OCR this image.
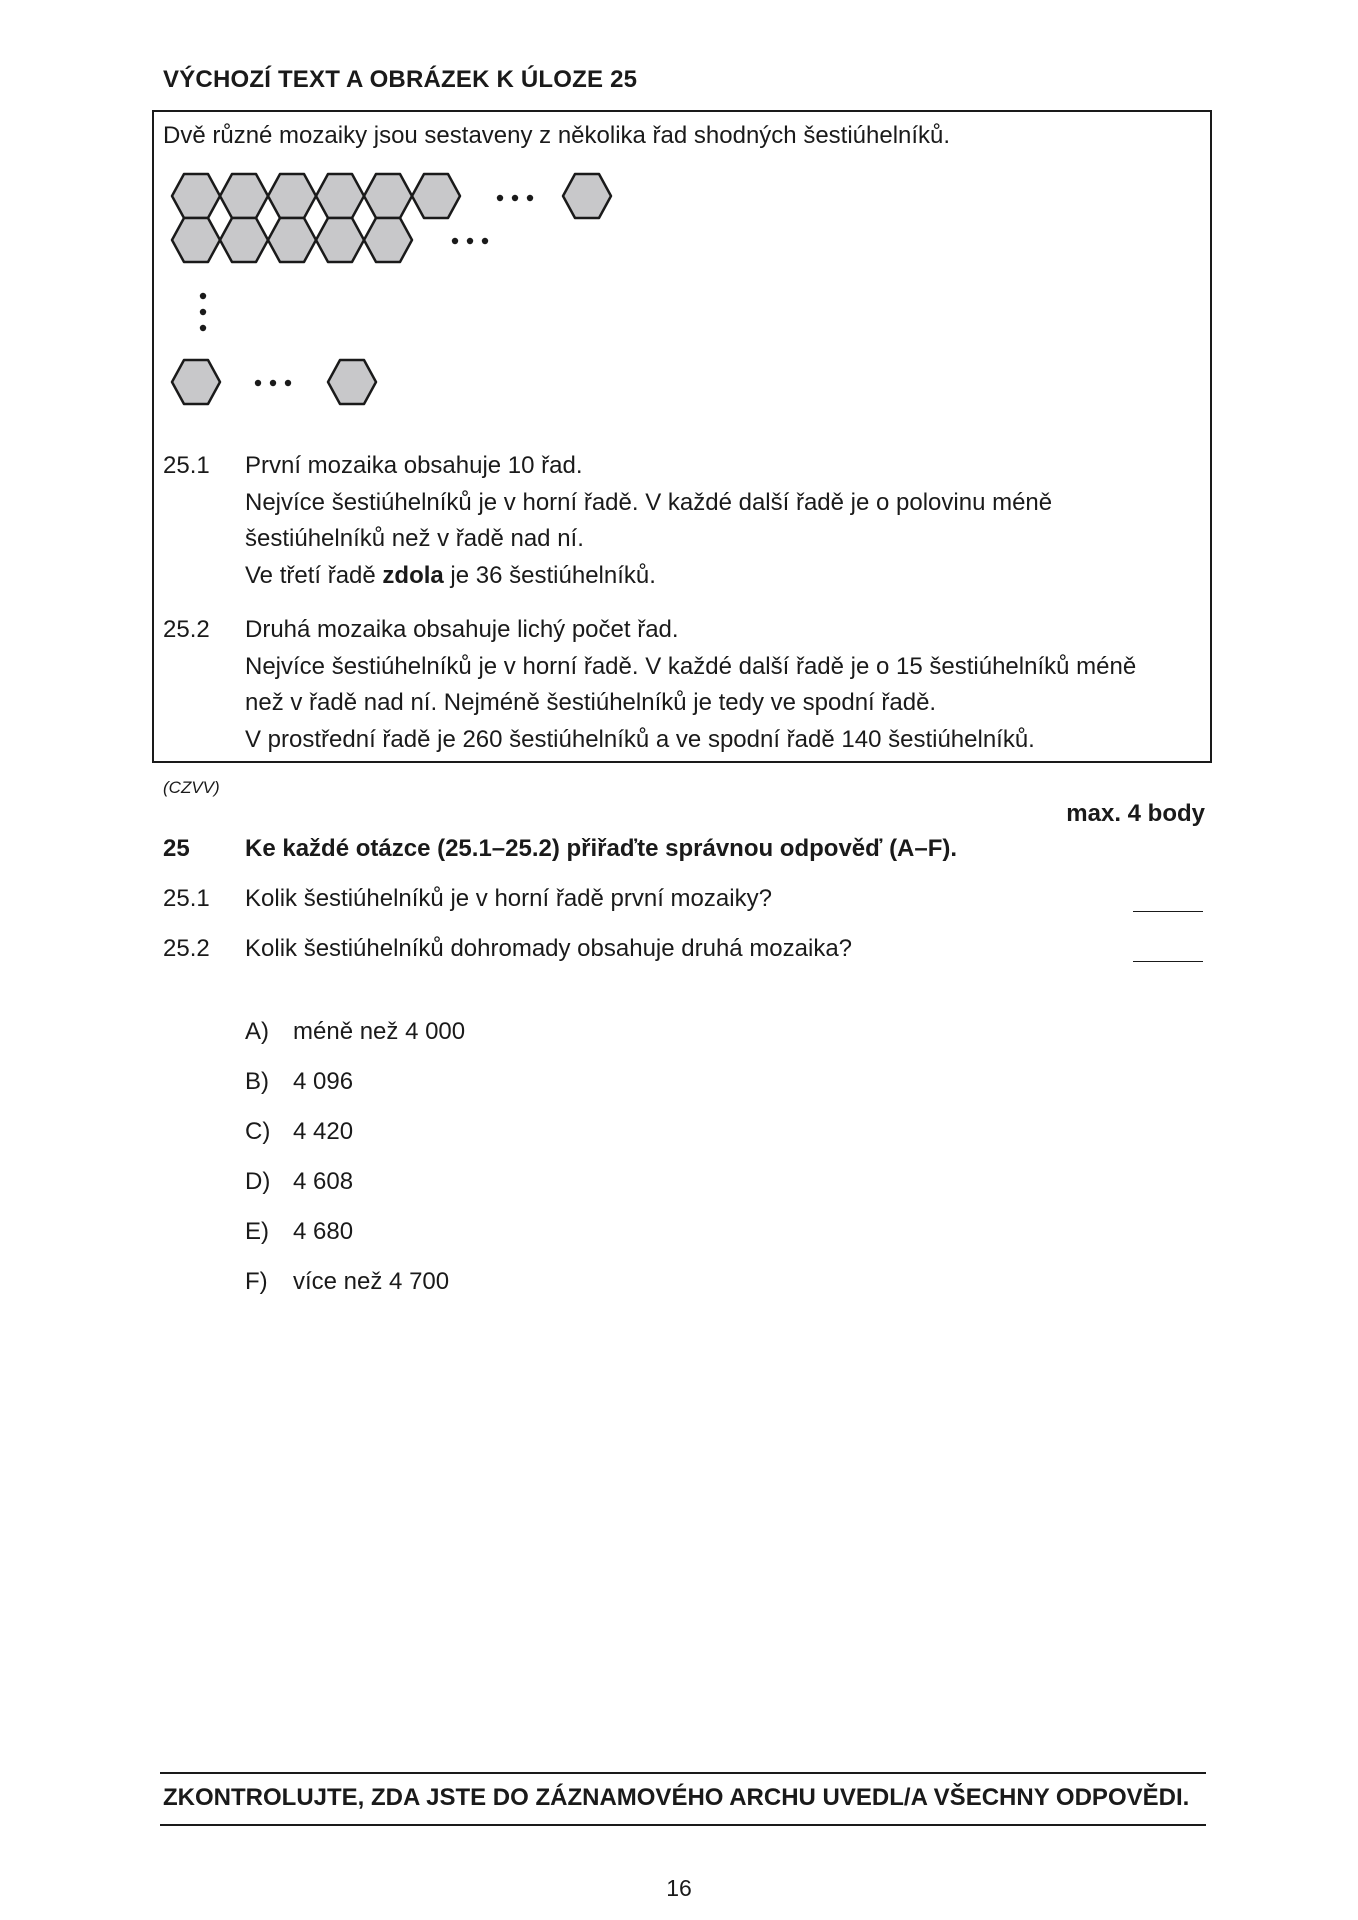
VÝCHOZÍ TEXT A OBRÁZEK K ÚLOZE 25
Dvě různé mozaiky jsou sestaveny z několika řad shodných šestiúhelníků.
25.1	První mozaika obsahuje 10 řad.
Nejvíce šestiúhelníků je v horní řadě. V každé další řadě je o polovinu méně
šestiúhelníků než v řadě nad ní.
Ve třetí řadě zdola je 36 šestiúhelníků.
25.2	Druhá mozaika obsahuje lichý počet řad.
Nejvíce šestiúhelníků je v horní řadě. V každé další řadě je o 15 šestiúhelníků méně
než v řadě nad ní. Nejméně šestiúhelníků je tedy ve spodní řadě.
V prostřední řadě je 260 šestiúhelníků a ve spodní řadě 140 šestiúhelníků.
(CZVV)
max. 4 body
25 Ke každé otázce (25.1–25.2) přiřaďte správnou odpověď (A–F).
25.1 Kolik šestiúhelníků je v horní řadě první mozaiky?
25.2 Kolik šestiúhelníků dohromady obsahuje druhá mozaika?
A) méně než 4 000
B) 4 096
C) 4 420
D) 4 608
E) 4 680
F) více než 4 700
ZKONTROLUJTE, ZDA JSTE DO ZÁZNAMOVÉHO ARCHU UVEDL/A VŠECHNY ODPOVĚDI.
16
